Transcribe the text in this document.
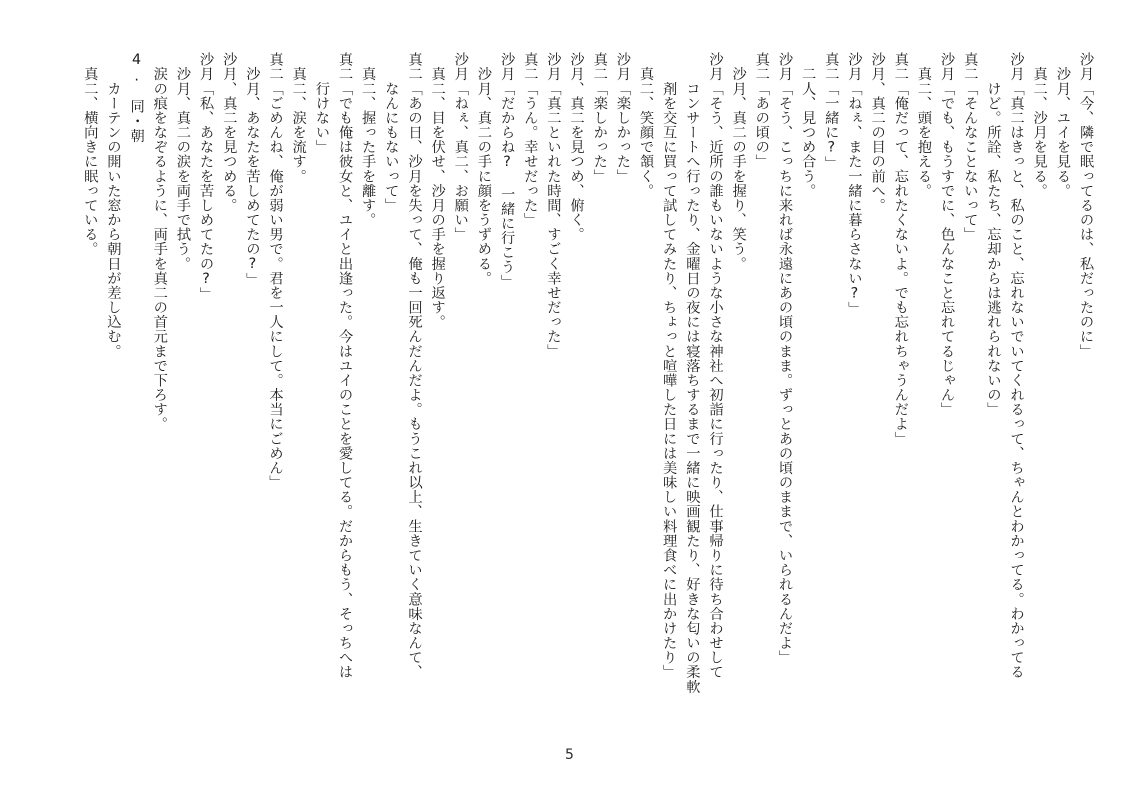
沙月「今、隣で眠ってるのは、私だったのに」
　沙月、ユイを見る。
　真二、沙月を見る。
沙月「真二はきっと、私のこと、忘れないでいてくれるって、ちゃんとわかってる。わかってる
　　けど。所詮、私たち、忘却からは逃れられないの」
真二「そんなことないって」
沙月「でも、もうすでに、色んなこと忘れてるじゃん」
　真二、頭を抱える。
真二「俺だって、忘れたくないよ。でも忘れちゃうんだよ」
沙月、真二の目の前へ。
沙月「ねぇ、また一緒に暮らさない?」
真二「一緒に?」
　二人、見つめ合う。
沙月「そう、こっちに来れば永遠にあの頃のまま。ずっとあの頃のままで、いられるんだよ」
真二「あの頃の」
　沙月、真二の手を握り、笑う。
沙月「そう、近所の誰もいないような小さな神社へ初詣に行ったり、仕事帰りに待ち合わせして
　　コンサートへ行ったり、金曜日の夜には寝落ちするまで一緒に映画観たり、好きな匂いの柔軟
　　剤を交互に買って試してみたり、ちょっと喧嘩した日には美味しい料理食べに出かけたり」
　真二、笑顔で頷く。
沙月「楽しかった」
真二「楽しかった」
沙月、真二を見つめ、俯く。
沙月「真二といれた時間、すごく幸せだった」
真二「うん。幸せだった」
沙月「だからね? 一緒に行こう」
　沙月、真二の手に顔をうずめる。
沙月「ねぇ、真二、お願い」
　真二、目を伏せ、沙月の手を握り返す。
真二「あの日、沙月を失って、俺も一回死んだんだよ。もうこれ以上、生きていく意味なんて、
　　なんにもないって」
　真二、握った手を離す。
真二「でも俺は彼女と、ユイと出逢った。今はユイのことを愛してる。だからもう、そっちへは
　　行けない」
　真二、涙を流す。
真二「ごめんね、俺が弱い男で。君を一人にして。本当にごめん」
　沙月、あなたを苦しめてたの?」
沙月、真二を見つめる。
沙月「私、あなたを苦しめてたの?」
　沙月、真二の涙を両手で拭う。
　涙の痕をなぞるように、両手を真二の首元まで下ろす。
4.　同・朝
　　カーテンの開いた窓から朝日が差し込む。
　真二、横向きに眠っている。
5
